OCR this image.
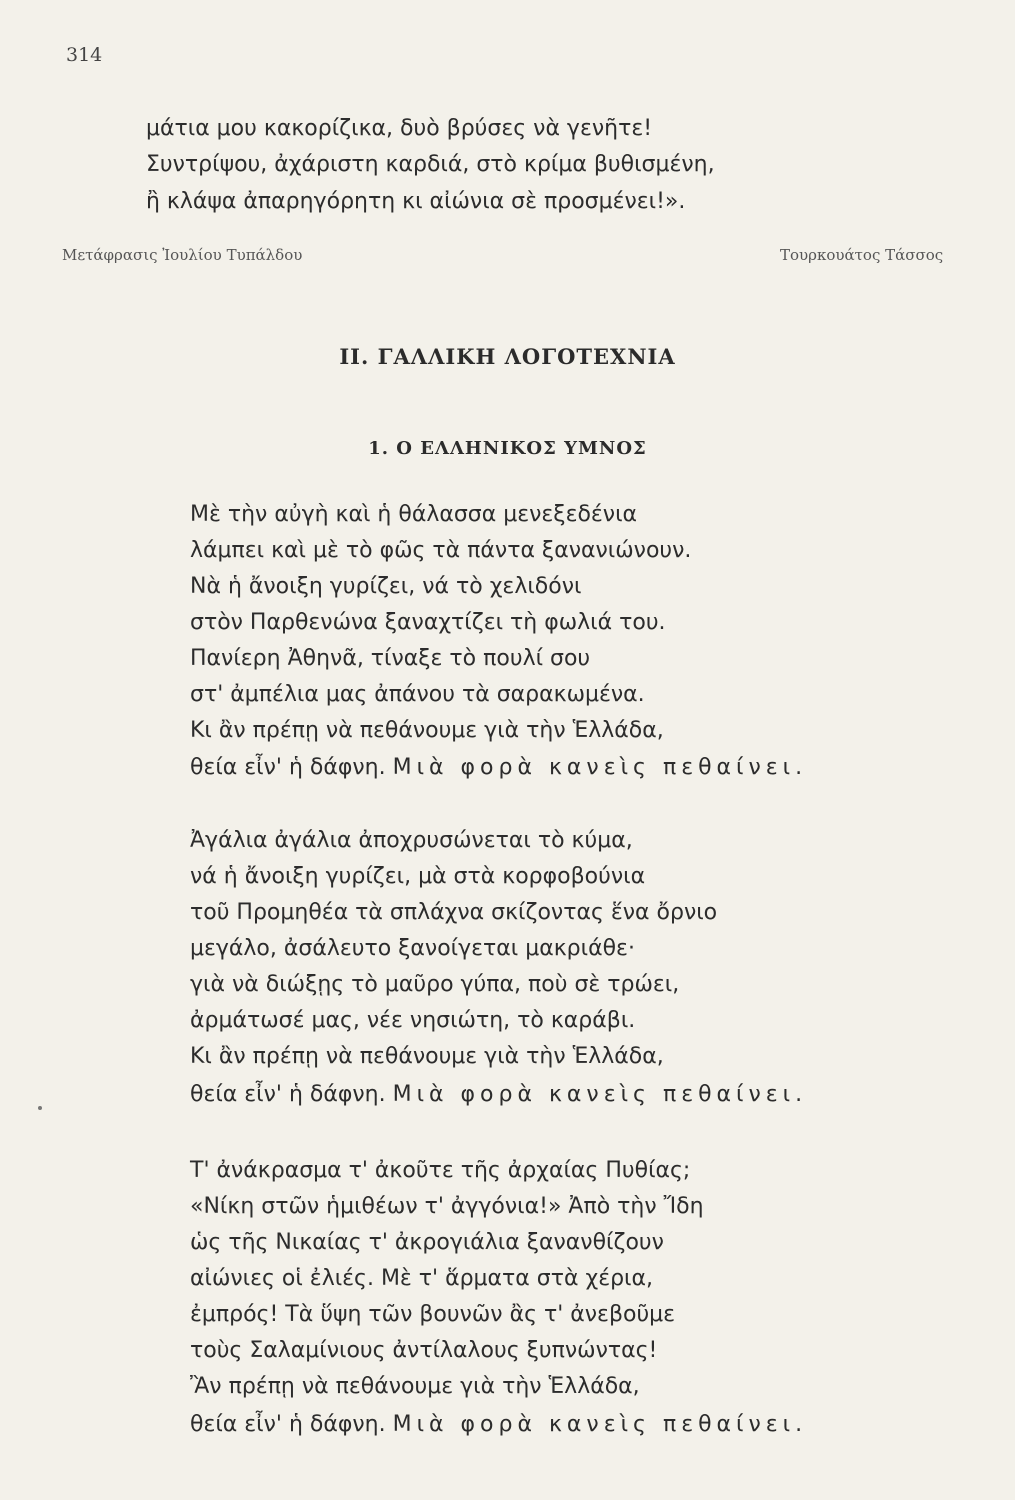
314
μάτια μου κακορίζικα, δυὸ βρύσες νὰ γενῆτε!
Συντρίψου, ἀχάριστη καρδιά, στὸ κρίμα βυθισμένη,
ἢ κλάψα ἀπαρηγόρητη κι αἰώνια σὲ προσμένει!».
Μετάφρασις Ἰουλίου Τυπάλδου	Τουρκουάτος Τάσσος
ΙΙ. ΓΑΛΛΙΚΗ ΛΟΓΟΤΕΧΝΙΑ
1. Ο ΕΛΛΗΝΙΚΟΣ ΥΜΝΟΣ
Μὲ τὴν αὐγὴ καὶ ἡ θάλασσα μενεξεδένια
λάμπει καὶ μὲ τὸ φῶς τὰ πάντα ξανανιώνουν.
Νὰ ἡ ἄνοιξη γυρίζει, νά τὸ χελιδόνι
στὸν Παρθενώνα ξαναχτίζει τὴ φωλιά του.
Πανίερη Ἀθηνᾶ, τίναξε τὸ πουλί σου
στ' ἀμπέλια μας ἀπάνου τὰ σαρακωμένα.
Κι ἂν πρέπῃ νὰ πεθάνουμε γιὰ τὴν Ἑλλάδα,
θεία εἶν' ἡ δάφνη. Μιὰ φορὰ κανεὶς πεθαίνει.
Ἀγάλια ἀγάλια ἀποχρυσώνεται τὸ κύμα,
νά ἡ ἄνοιξη γυρίζει, μὰ στὰ κορφοβούνια
τοῦ Προμηθέα τὰ σπλάχνα σκίζοντας ἕνα ὄρνιο
μεγάλο, ἀσάλευτο ξανοίγεται μακριάθε·
γιὰ νὰ διώξῃς τὸ μαῦρο γύπα, ποὺ σὲ τρώει,
ἀρμάτωσέ μας, νέε νησιώτη, τὸ καράβι.
Κι ἂν πρέπῃ νὰ πεθάνουμε γιὰ τὴν Ἑλλάδα,
θεία εἶν' ἡ δάφνη. Μιὰ φορὰ κανεὶς πεθαίνει.
Τ' ἀνάκρασμα τ' ἀκοῦτε τῆς ἀρχαίας Πυθίας;
«Νίκη στῶν ἡμιθέων τ' ἀγγόνια!» Ἀπὸ τὴν Ἴδη
ὡς τῆς Νικαίας τ' ἀκρογιάλια ξανανθίζουν
αἰώνιες οἱ ἐλιές. Μὲ τ' ἅρματα στὰ χέρια,
ἐμπρός! Τὰ ὕψη τῶν βουνῶν ἂς τ' ἀνεβοῦμε
τοὺς Σαλαμίνιους ἀντίλαλους ξυπνώντας!
Ἂν πρέπῃ νὰ πεθάνουμε γιὰ τὴν Ἑλλάδα,
θεία εἶν' ἡ δάφνη. Μιὰ φορὰ κανεὶς πεθαίνει.
